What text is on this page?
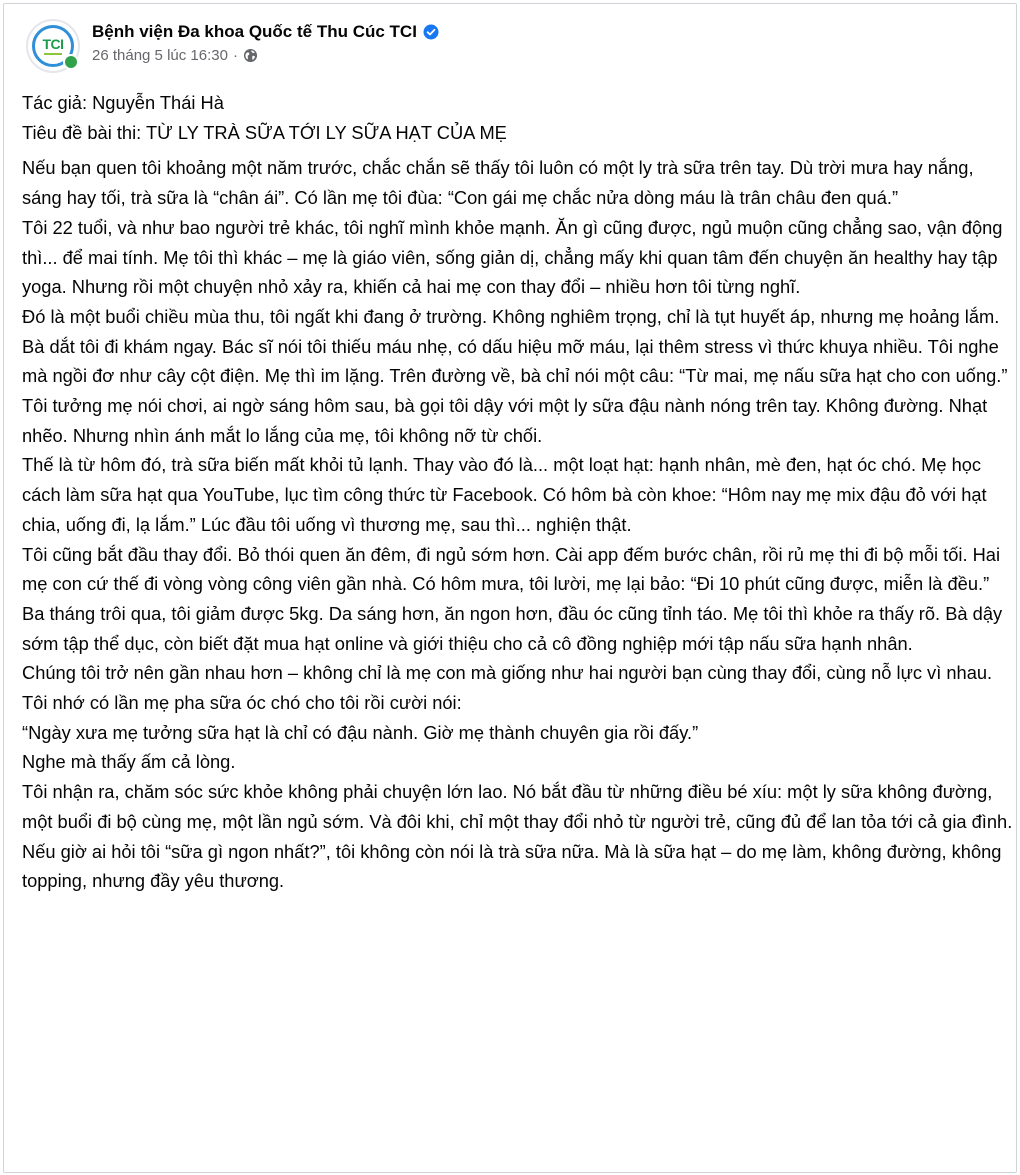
TCI
Bệnh viện Đa khoa Quốc tế Thu Cúc TCI
26 tháng 5 lúc 16:30 ·

Tác giả: Nguyễn Thái Hà

Tiêu đề bài thi: TỪ LY TRÀ SỮA TỚI LY SỮA HẠT CỦA MẸ

Nếu bạn quen tôi khoảng một năm trước, chắc chắn sẽ thấy tôi luôn có một ly trà sữa trên tay. Dù trời mưa hay nắng, sáng hay tối, trà sữa là “chân ái”. Có lần mẹ tôi đùa: “Con gái mẹ chắc nửa dòng máu là trân châu đen quá.”

Tôi 22 tuổi, và như bao người trẻ khác, tôi nghĩ mình khỏe mạnh. Ăn gì cũng được, ngủ muộn cũng chẳng sao, vận động thì... để mai tính. Mẹ tôi thì khác – mẹ là giáo viên, sống giản dị, chẳng mấy khi quan tâm đến chuyện ăn healthy hay tập yoga. Nhưng rồi một chuyện nhỏ xảy ra, khiến cả hai mẹ con thay đổi – nhiều hơn tôi từng nghĩ.

Đó là một buổi chiều mùa thu, tôi ngất khi đang ở trường. Không nghiêm trọng, chỉ là tụt huyết áp, nhưng mẹ hoảng lắm. Bà dắt tôi đi khám ngay. Bác sĩ nói tôi thiếu máu nhẹ, có dấu hiệu mỡ máu, lại thêm stress vì thức khuya nhiều. Tôi nghe mà ngồi đơ như cây cột điện. Mẹ thì im lặng. Trên đường về, bà chỉ nói một câu: “Từ mai, mẹ nấu sữa hạt cho con uống.”

Tôi tưởng mẹ nói chơi, ai ngờ sáng hôm sau, bà gọi tôi dậy với một ly sữa đậu nành nóng trên tay. Không đường. Nhạt nhẽo. Nhưng nhìn ánh mắt lo lắng của mẹ, tôi không nỡ từ chối.

Thế là từ hôm đó, trà sữa biến mất khỏi tủ lạnh. Thay vào đó là... một loạt hạt: hạnh nhân, mè đen, hạt óc chó. Mẹ học cách làm sữa hạt qua YouTube, lục tìm công thức từ Facebook. Có hôm bà còn khoe: “Hôm nay mẹ mix đậu đỏ với hạt chia, uống đi, lạ lắm.” Lúc đầu tôi uống vì thương mẹ, sau thì... nghiện thật.

Tôi cũng bắt đầu thay đổi. Bỏ thói quen ăn đêm, đi ngủ sớm hơn. Cài app đếm bước chân, rồi rủ mẹ thi đi bộ mỗi tối. Hai mẹ con cứ thế đi vòng vòng công viên gần nhà. Có hôm mưa, tôi lười, mẹ lại bảo: “Đi 10 phút cũng được, miễn là đều.”

Ba tháng trôi qua, tôi giảm được 5kg. Da sáng hơn, ăn ngon hơn, đầu óc cũng tỉnh táo. Mẹ tôi thì khỏe ra thấy rõ. Bà dậy sớm tập thể dục, còn biết đặt mua hạt online và giới thiệu cho cả cô đồng nghiệp mới tập nấu sữa hạnh nhân.

Chúng tôi trở nên gần nhau hơn – không chỉ là mẹ con mà giống như hai người bạn cùng thay đổi, cùng nỗ lực vì nhau.

Tôi nhớ có lần mẹ pha sữa óc chó cho tôi rồi cười nói:

“Ngày xưa mẹ tưởng sữa hạt là chỉ có đậu nành. Giờ mẹ thành chuyên gia rồi đấy.”

Nghe mà thấy ấm cả lòng.

Tôi nhận ra, chăm sóc sức khỏe không phải chuyện lớn lao. Nó bắt đầu từ những điều bé xíu: một ly sữa không đường, một buổi đi bộ cùng mẹ, một lần ngủ sớm. Và đôi khi, chỉ một thay đổi nhỏ từ người trẻ, cũng đủ để lan tỏa tới cả gia đình.

Nếu giờ ai hỏi tôi “sữa gì ngon nhất?”, tôi không còn nói là trà sữa nữa. Mà là sữa hạt – do mẹ làm, không đường, không topping, nhưng đầy yêu thương.
